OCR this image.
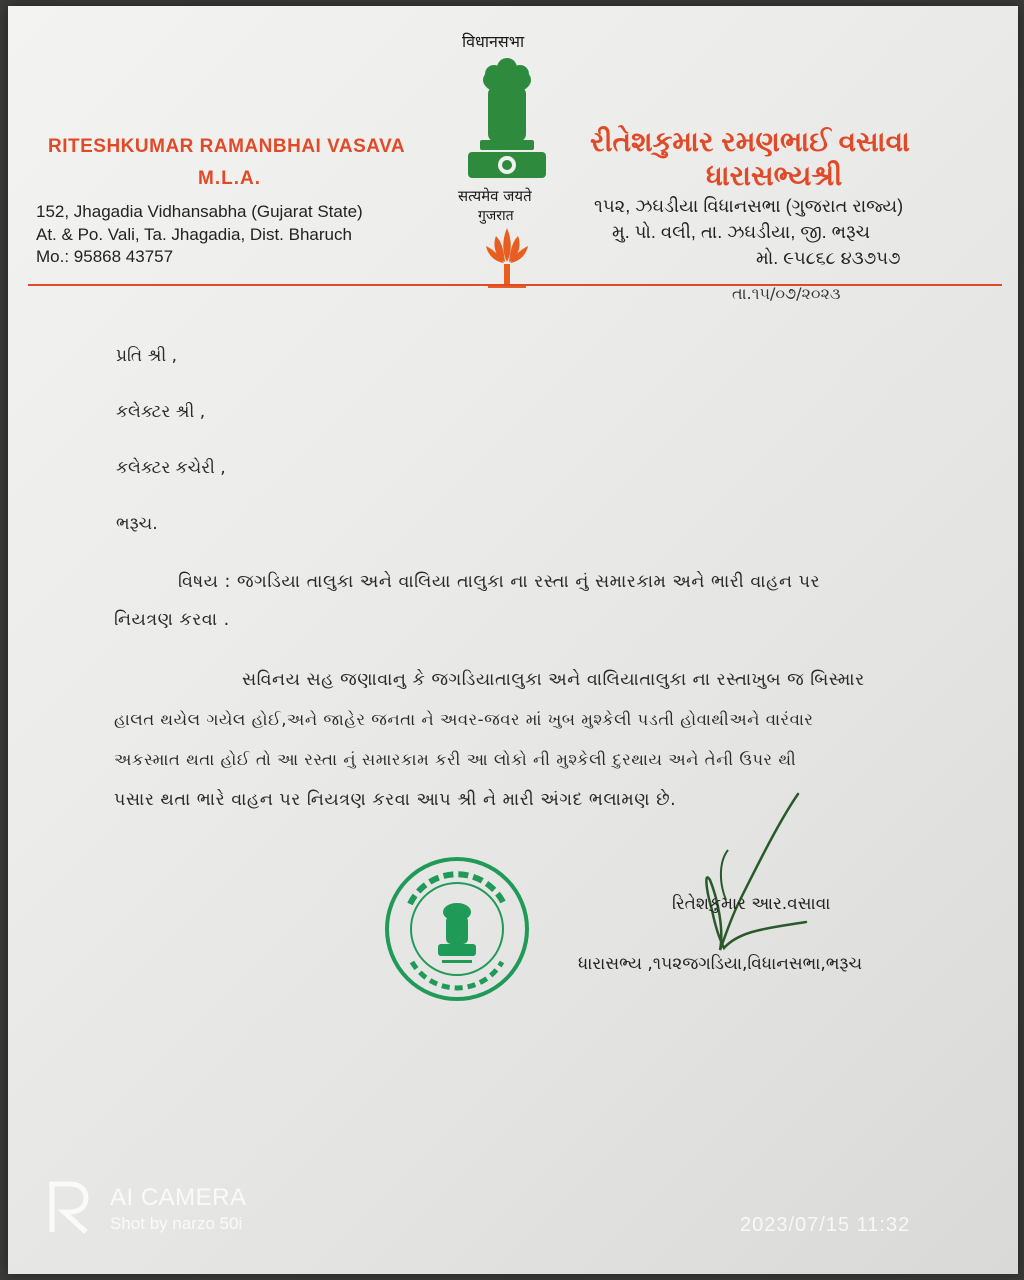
RITESHKUMAR RAMANBHAI VASAVA
M.L.A.
152, Jhagadia Vidhansabha (Gujarat State)
At. & Po. Vali, Ta. Jhagadia, Dist. Bharuch
Mo.: 95868 43757
विधानसभा
सत्यमेव जयते
गुजरात
રીતેશકુમાર રમણભાઈ વસાવા
ધારાસભ્યશ્રી
૧૫૨, ઝઘડીયા વિધાનસભા (ગુજરાત રાજ્ય)
મુ. પો. વલી, તા. ઝઘડીયા, જી. ભરૂચ
મો. ૯૫૮૬૮ ૪૩૭૫૭
તા.૧૫/૦૭/૨૦૨૩
પ્રતિ શ્રી ,
કલેક્ટર શ્રી ,
કલેક્ટર કચેરી ,
ભરૂચ.
વિષય : જગડિયા તાલુકા અને વાલિયા તાલુકા ના રસ્તા નું સમારકામ અને ભારી વાહન પર
નિયત્રણ કરવા .
સવિનય સહ જણાવાનુ કે જગડિયાતાલુકા અને વાલિયાતાલુકા ના રસ્તાખુબ જ બિસ્માર
હાલત થયેલ ગયેલ હોઈ,અને જાહેર જનતા ને અવર-જવર માં ખુબ મુશ્કેલી પડતી હોવાથીઅને વારંવાર
અકસ્માત થતા હોઈ તો આ રસ્તા નું સમારકામ કરી આ લોકો ની મુશ્કેલી દુરથાય અને તેની ઉપર થી
પસાર થતા ભારે વાહન પર નિયત્રણ કરવા આપ શ્રી ને મારી અંગદ ભલામણ છે.
રિતેશકુમાર આર.વસાવા
ધારાસભ્ય ,૧૫૨જગડિયા,વિધાનસભા,ભરૂચ
AI CAMERA
Shot by narzo 50i	2023/07/15 11:32
